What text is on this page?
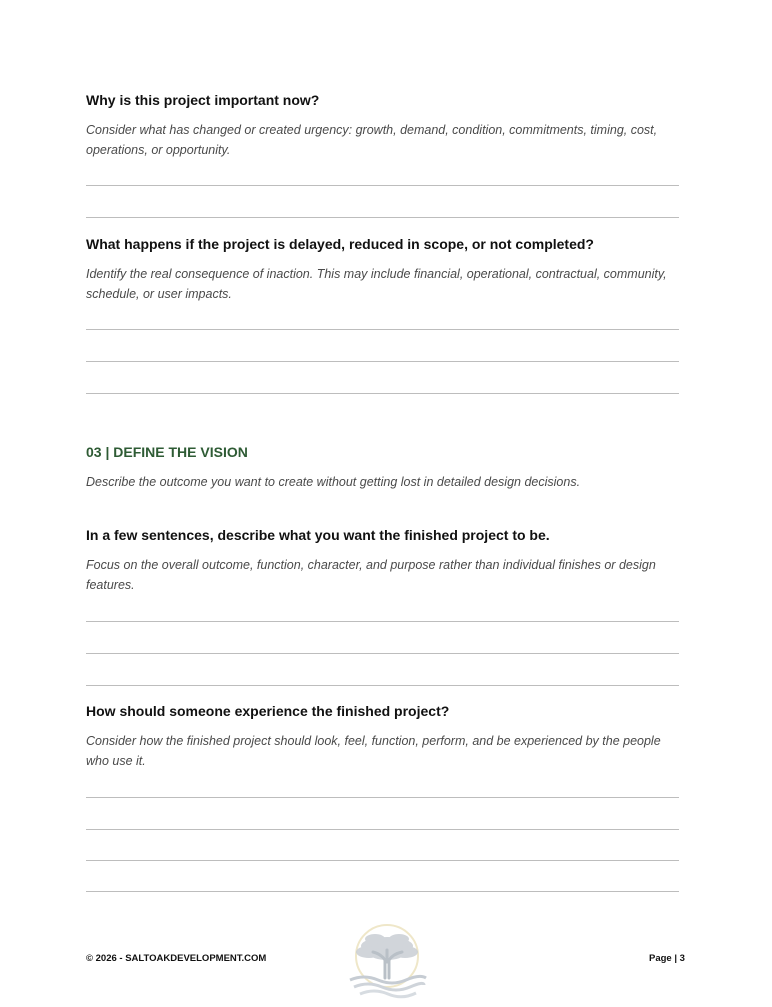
Why is this project important now?
Consider what has changed or created urgency: growth, demand, condition, commitments, timing, cost, operations, or opportunity.
What happens if the project is delayed, reduced in scope, or not completed?
Identify the real consequence of inaction. This may include financial, operational, contractual, community, schedule, or user impacts.
03 | DEFINE THE VISION
Describe the outcome you want to create without getting lost in detailed design decisions.
In a few sentences, describe what you want the finished project to be.
Focus on the overall outcome, function, character, and purpose rather than individual finishes or design features.
How should someone experience the finished project?
Consider how the finished project should look, feel, function, perform, and be experienced by the people who use it.
© 2026 - SALTOAKDEVELOPMENT.COM	Page | 3
